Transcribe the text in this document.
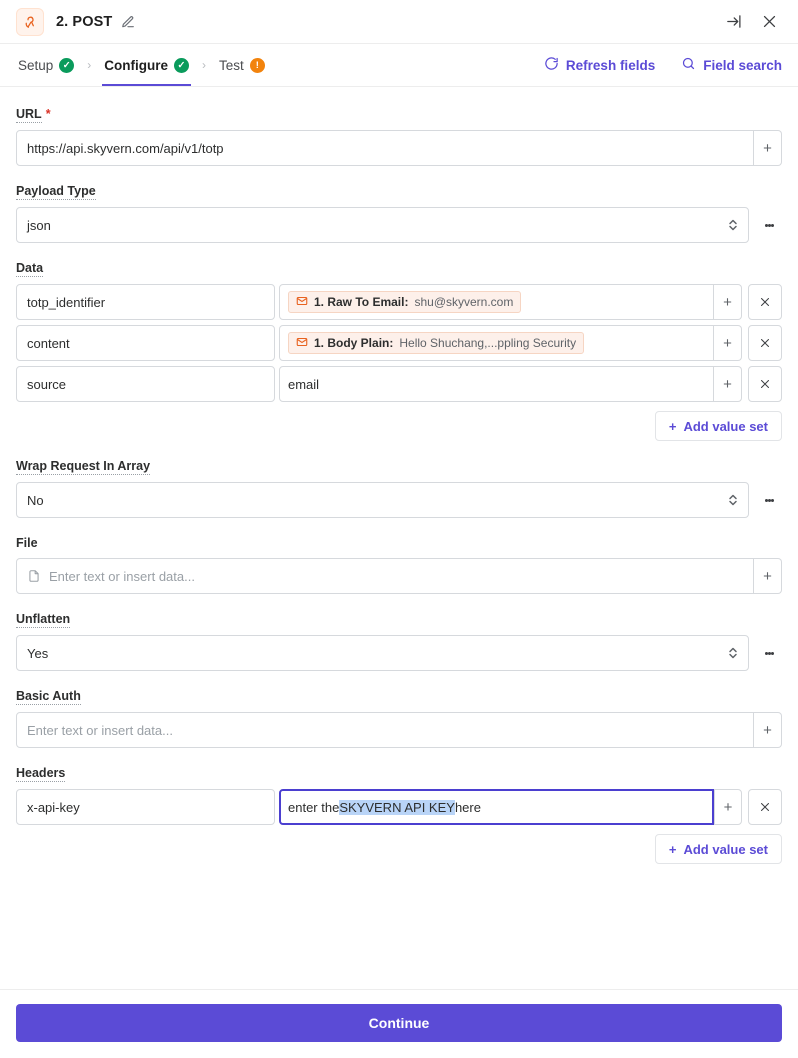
2. POST
Setup	✓ › Configure	✓ › Test	!	Refresh fields	Field search
URL *
https://api.skyvern.com/api/v1/totp	+
Payload Type
json
Data
totp_identifier	1. Raw To Email: shu@skyvern.com	+
content	1. Body Plain: Hello Shuchang,...ppling Security	+
source	email	+
+ Add value set
Wrap Request In Array
No
File
Enter text or insert data...	+
Unflatten
Yes
Basic Auth
Enter text or insert data...	+
Headers
x-api-key	enter the SKYVERN API KEY here	+
+ Add value set
Continue
